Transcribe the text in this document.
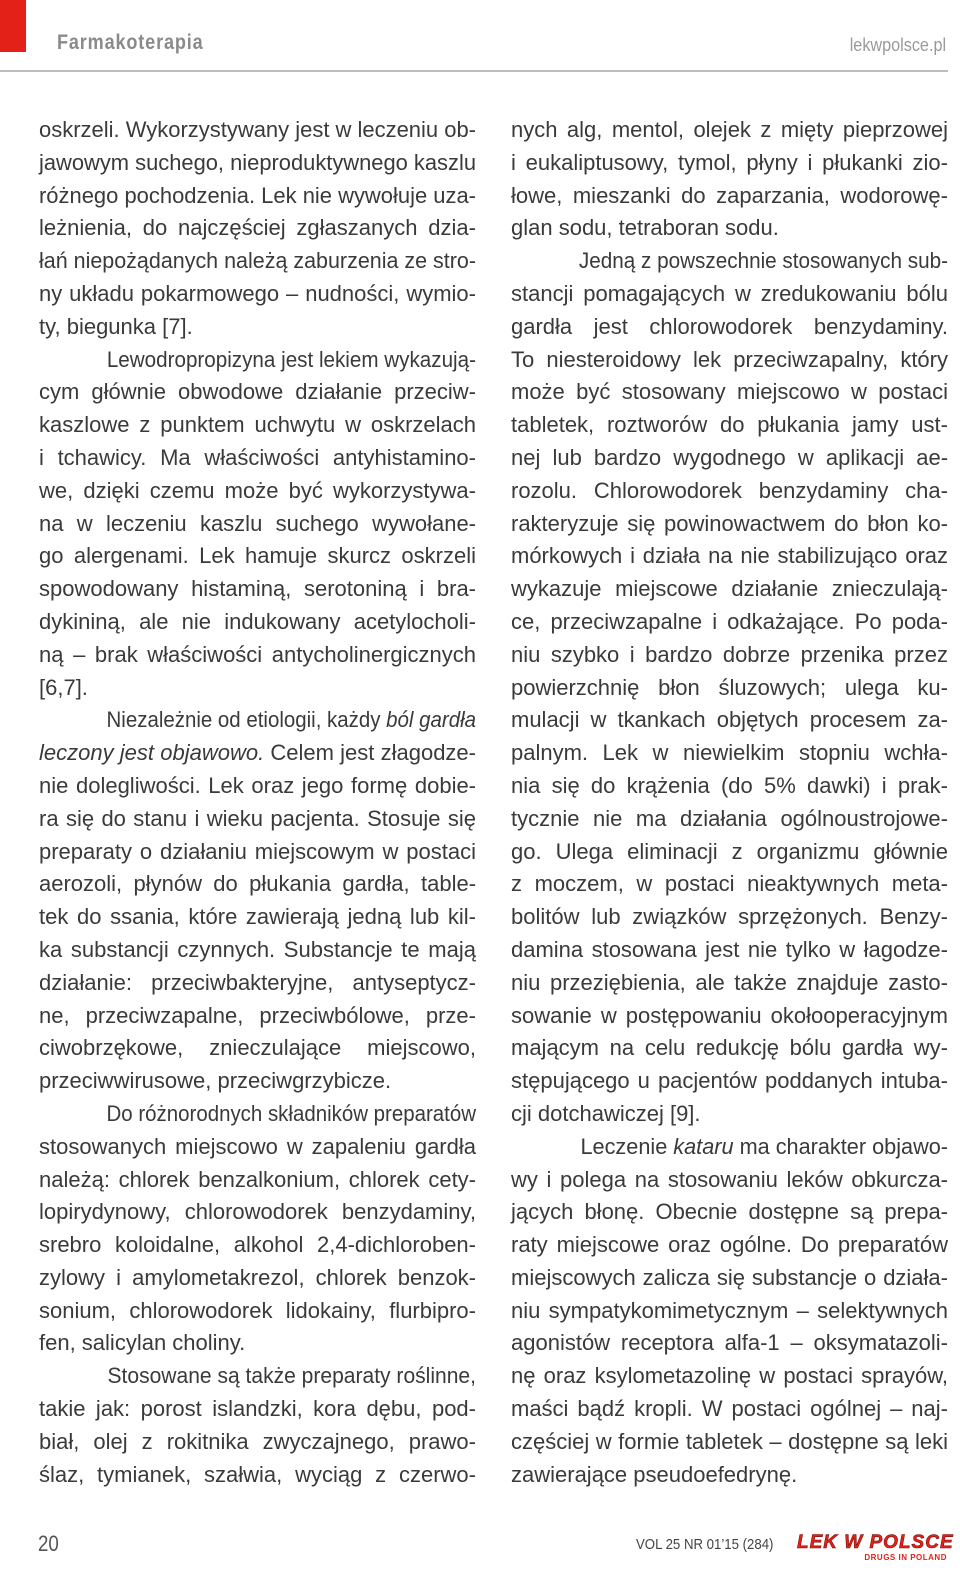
Farmakoterapia	lekwpolsce.pl

oskrzeli. Wykorzystywany jest w leczeniu ob-

jawowym suchego, nieproduktywnego kaszlu

różnego pochodzenia. Lek nie wywołuje uza-

leżnienia, do najczęściej zgłaszanych dzia-

łań niepożądanych należą zaburzenia ze stro-

ny układu pokarmowego – nudności, wymio-

ty, biegunka [7].

Lewodropropizyna jest lekiem wykazują-

cym głównie obwodowe działanie przeciw-

kaszlowe z punktem uchwytu w oskrzelach

i tchawicy. Ma właściwości antyhistamino-

we, dzięki czemu może być wykorzystywa-

na w leczeniu kaszlu suchego wywołane-

go alergenami. Lek hamuje skurcz oskrzeli

spowodowany histaminą, serotoniną i bra-

dykininą, ale nie indukowany acetylocholi-

ną – brak właściwości antycholinergicznych

[6,7].

Niezależnie od etiologii, każdy ból gardła

leczony jest objawowo. Celem jest złagodze-

nie dolegliwości. Lek oraz jego formę dobie-

ra się do stanu i wieku pacjenta. Stosuje się

preparaty o działaniu miejscowym w postaci

aerozoli, płynów do płukania gardła, table-

tek do ssania, które zawierają jedną lub kil-

ka substancji czynnych. Substancje te mają

działanie: przeciwbakteryjne, antyseptycz-

ne, przeciwzapalne, przeciwbólowe, prze-

ciwobrzękowe, znieczulające miejscowo,

przeciwwirusowe, przeciwgrzybicze.

Do różnorodnych składników preparatów

stosowanych miejscowo w zapaleniu gardła

należą: chlorek benzalkonium, chlorek cety-

lopirydynowy, chlorowodorek benzydaminy,

srebro koloidalne, alkohol 2,4-dichloroben-

zylowy i amylometakrezol, chlorek benzok-

sonium, chlorowodorek lidokainy, flurbipro-

fen, salicylan choliny.

Stosowane są także preparaty roślinne,

takie jak: porost islandzki, kora dębu, pod-

biał, olej z rokitnika zwyczajnego, prawo-

ślaz, tymianek, szałwia, wyciąg z czerwo-

nych alg, mentol, olejek z mięty pieprzowej

i eukaliptusowy, tymol, płyny i płukanki zio-

łowe, mieszanki do zaparzania, wodorowę-

glan sodu, tetraboran sodu.

Jedną z powszechnie stosowanych sub-

stancji pomagających w zredukowaniu bólu

gardła jest chlorowodorek benzydaminy.

To niesteroidowy lek przeciwzapalny, który

może być stosowany miejscowo w postaci

tabletek, roztworów do płukania jamy ust-

nej lub bardzo wygodnego w aplikacji ae-

rozolu. Chlorowodorek benzydaminy cha-

rakteryzuje się powinowactwem do błon ko-

mórkowych i działa na nie stabilizująco oraz

wykazuje miejscowe działanie znieczulają-

ce, przeciwzapalne i odkażające. Po poda-

niu szybko i bardzo dobrze przenika przez

powierzchnię błon śluzowych; ulega ku-

mulacji w tkankach objętych procesem za-

palnym. Lek w niewielkim stopniu wchła-

nia się do krążenia (do 5% dawki) i prak-

tycznie nie ma działania ogólnoustrojowe-

go. Ulega eliminacji z organizmu głównie

z moczem, w postaci nieaktywnych meta-

bolitów lub związków sprzężonych. Benzy-

damina stosowana jest nie tylko w łagodze-

niu przeziębienia, ale także znajduje zasto-

sowanie w postępowaniu okołooperacyjnym

mającym na celu redukcję bólu gardła wy-

stępującego u pacjentów poddanych intuba-

cji dotchawiczej [9].

Leczenie kataru ma charakter objawo-

wy i polega na stosowaniu leków obkurcza-

jących błonę. Obecnie dostępne są prepa-

raty miejscowe oraz ogólne. Do preparatów

miejscowych zalicza się substancje o działa-

niu sympatykomimetycznym – selektywnych

agonistów receptora alfa-1 – oksymatazoli-

nę oraz ksylometazolinę w postaci sprayów,

maści bądź kropli. W postaci ogólnej – naj-

częściej w formie tabletek – dostępne są leki

zawierające pseudoefedrynę.

20	VOL 25 NR 01’15 (284) LEK W POLSCE
DRUGS IN POLAND
